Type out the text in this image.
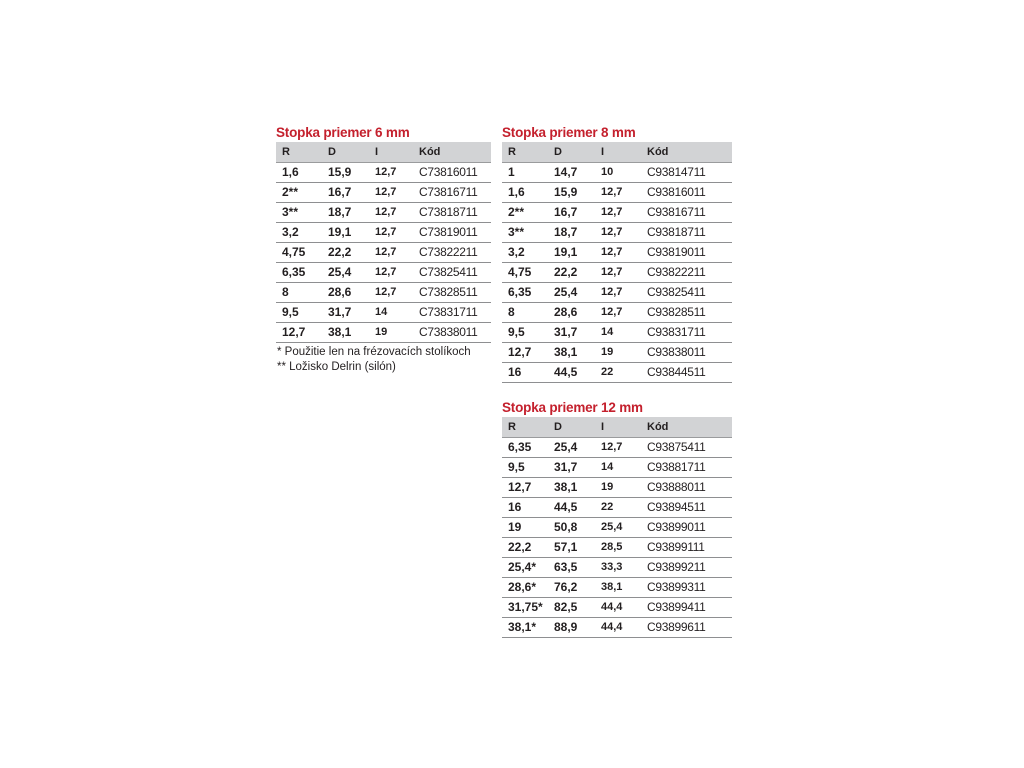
Stopka priemer 6 mm
R	D	I	Kód
1,6	15,9	12,7	C73816011
2**	16,7	12,7	C73816711
3**	18,7	12,7	C73818711
3,2	19,1	12,7	C73819011
4,75	22,2	12,7	C73822211
6,35	25,4	12,7	C73825411
8	28,6	12,7	C73828511
9,5	31,7	14	C73831711
12,7	38,1	19	C73838011
* Použitie len na frézovacích stolíkoch
** Ložisko Delrin (silón)
Stopka priemer 8 mm
R	D	I	Kód
1	14,7	10	C93814711
1,6	15,9	12,7	C93816011
2**	16,7	12,7	C93816711
3**	18,7	12,7	C93818711
3,2	19,1	12,7	C93819011
4,75	22,2	12,7	C93822211
6,35	25,4	12,7	C93825411
8	28,6	12,7	C93828511
9,5	31,7	14	C93831711
12,7	38,1	19	C93838011
16	44,5	22	C93844511
Stopka priemer 12 mm
R	D	I	Kód
6,35	25,4	12,7	C93875411
9,5	31,7	14	C93881711
12,7	38,1	19	C93888011
16	44,5	22	C93894511
19	50,8	25,4	C93899011
22,2	57,1	28,5	C93899111
25,4*	63,5	33,3	C93899211
28,6*	76,2	38,1	C93899311
31,75*	82,5	44,4	C93899411
38,1*	88,9	44,4	C93899611
